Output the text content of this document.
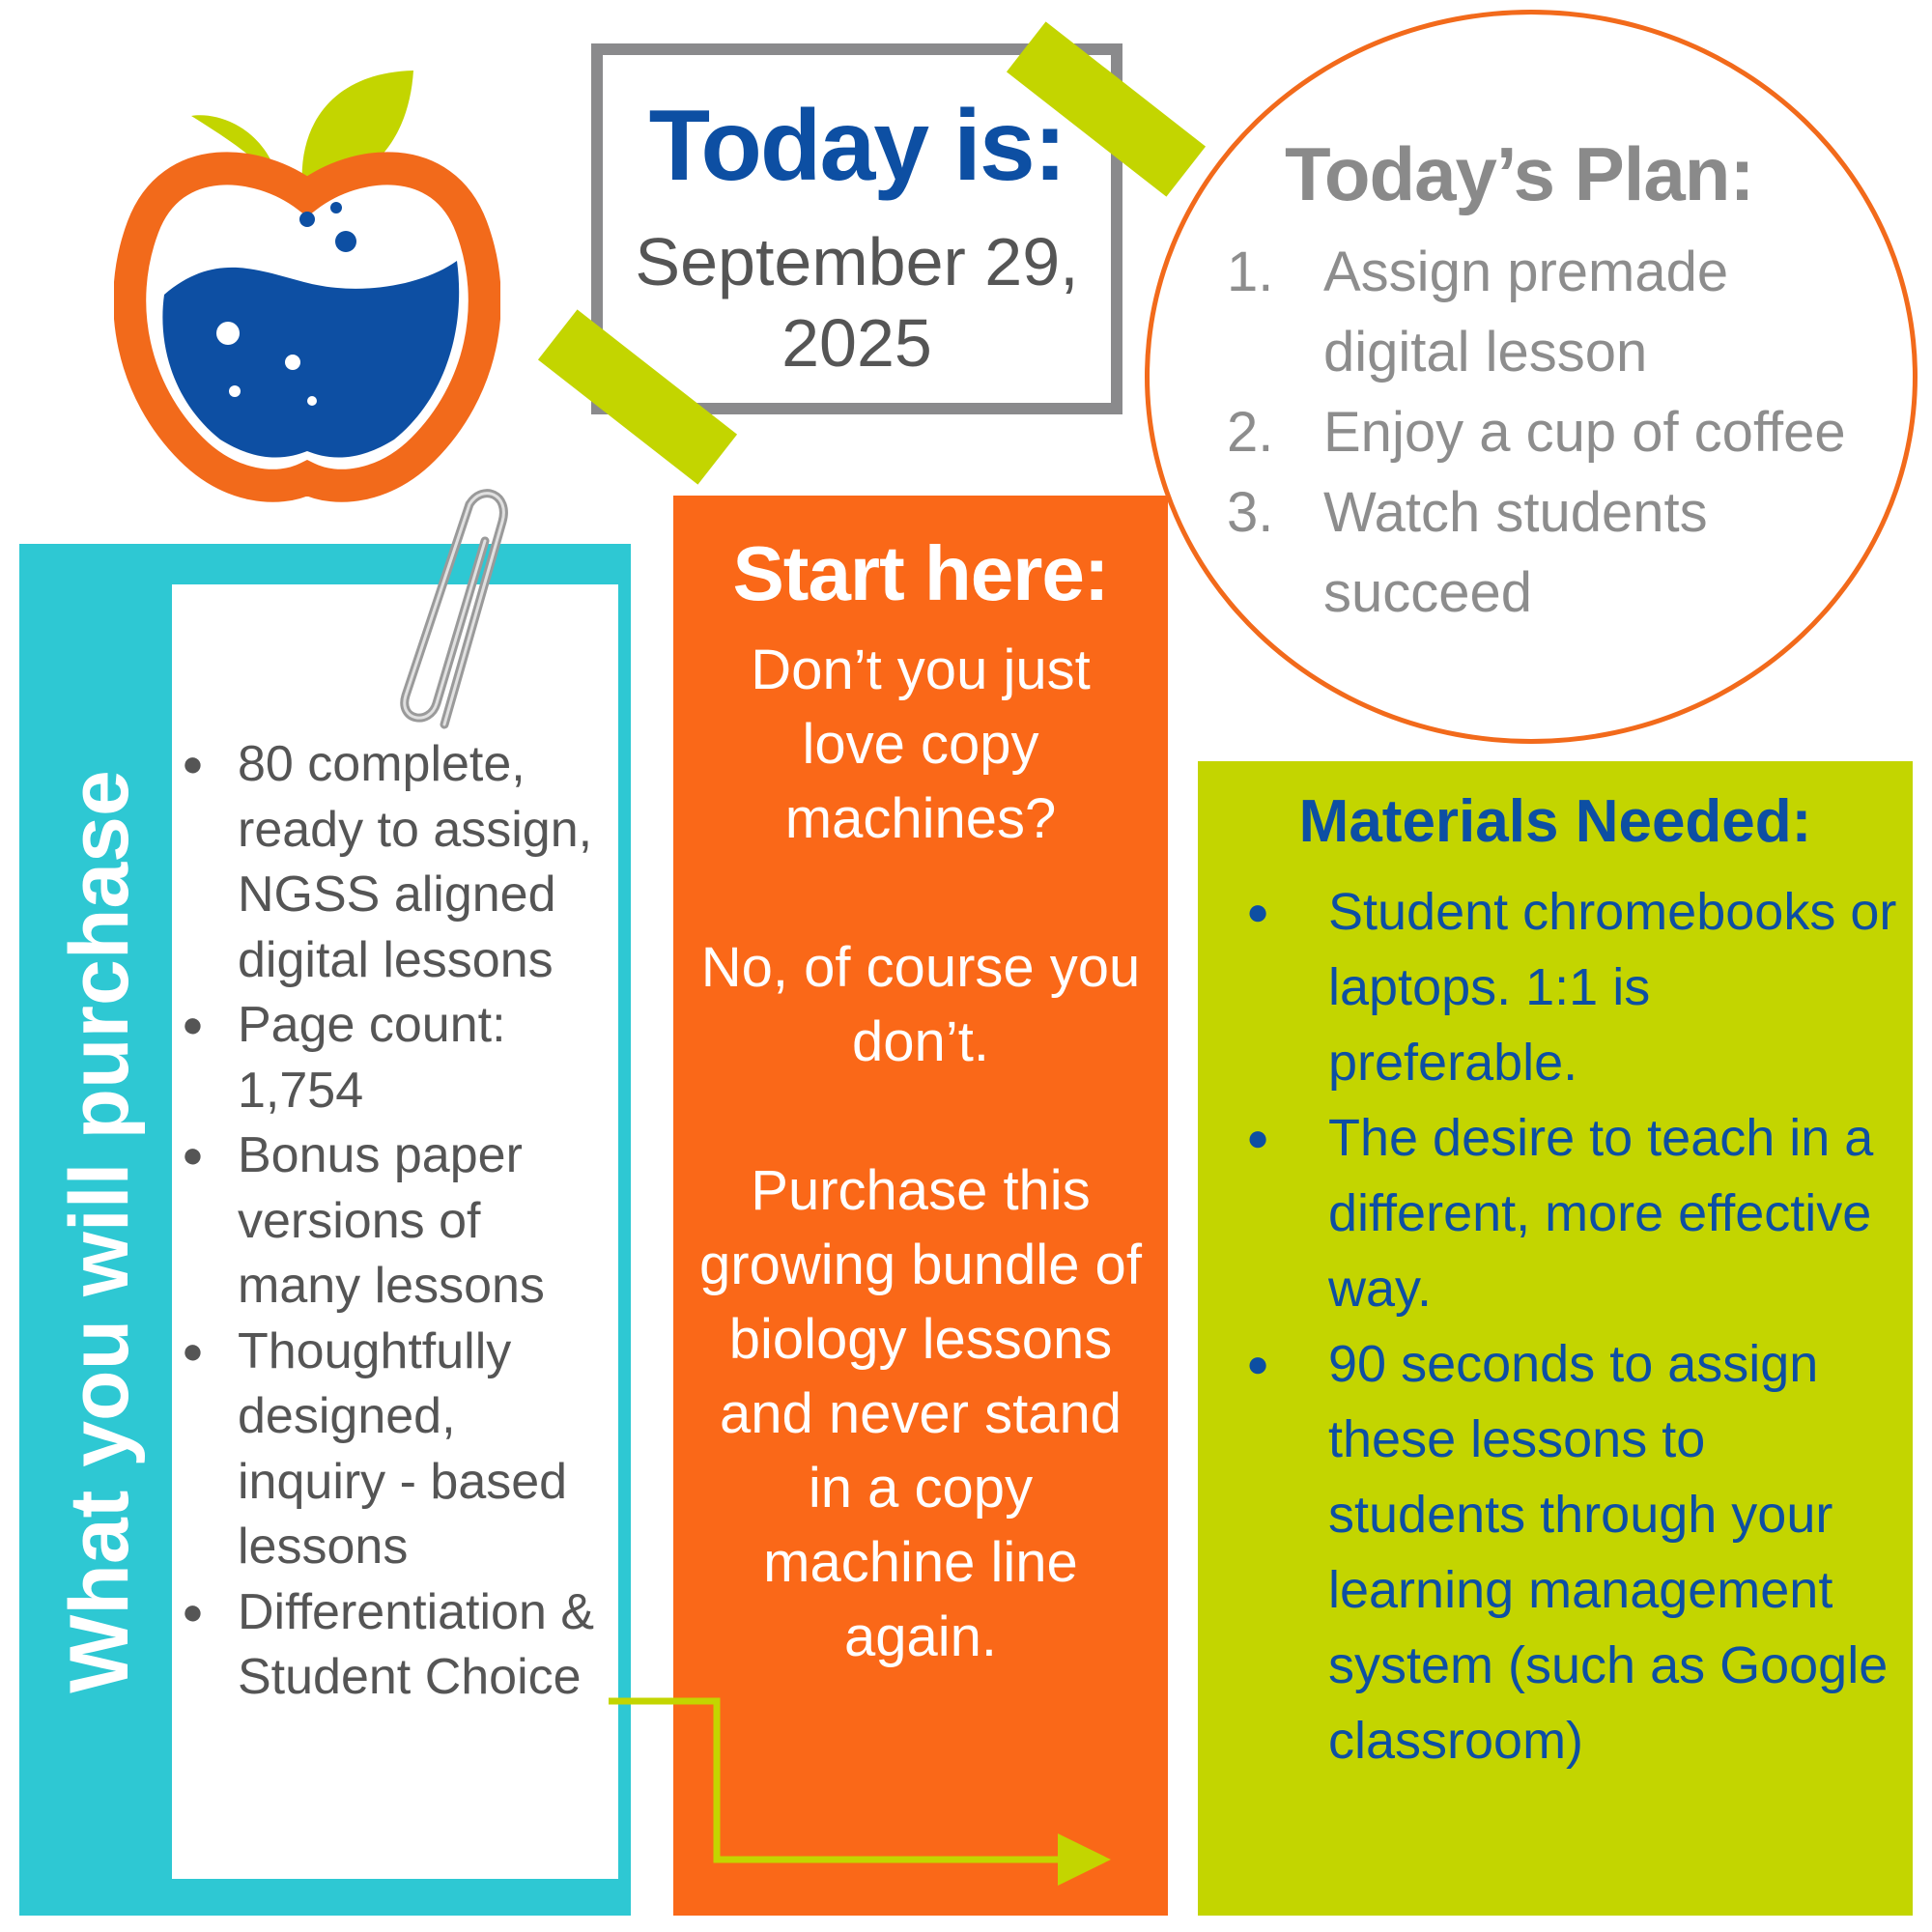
Today is:
September 29, 2025
Today’s Plan:
1. Assign premade digital lesson
2. Enjoy a cup of coffee
3. Watch students succeed
What you will purchase
● 80 complete, ready to assign, NGSS aligned digital lessons
● Page count: 1,754
● Bonus paper versions of many lessons
● Thoughtfully designed, inquiry - based lessons
● Differentiation & Student Choice
Start here:

Don’t you just love copy machines?

No, of course you don’t.

Purchase this growing bundle of biology lessons and never stand in a copy machine line again.

Materials Needed:
●	Student chromebooks or laptops. 1:1 is preferable.
●	The desire to teach in a different, more effective way.
●	90 seconds to assign these lessons to students through your learning management system (such as Google classroom)
